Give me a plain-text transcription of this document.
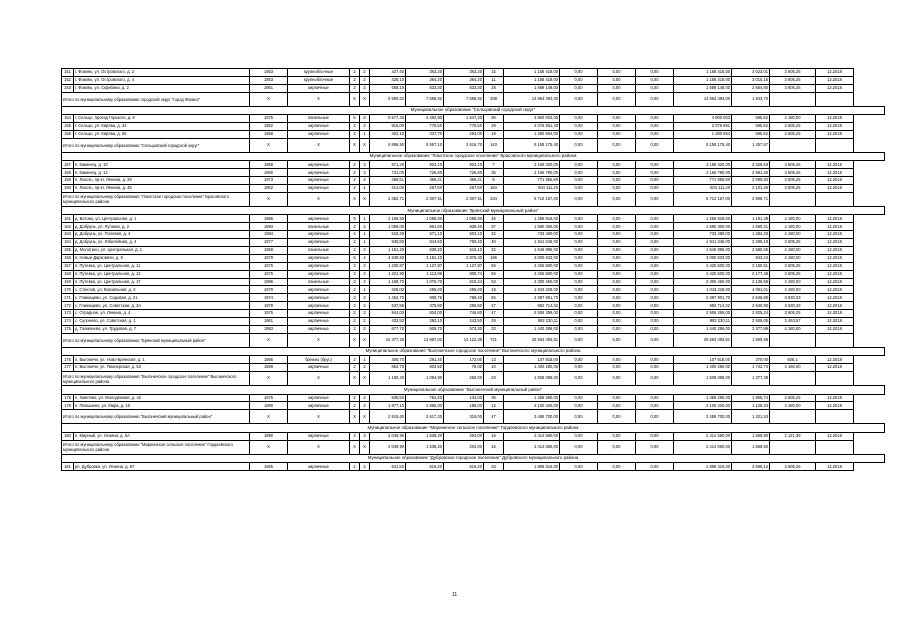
151	г. Фокино, ул. Островского, д. 2	1953	крупноблочные	2	2	427,40	363,20	363,20	15	1 158 418,00	0,00	0,00	0,00	1 158 418,00	3 023,01	3 605,25	12.2018
152	г. Фокино, ул. Островского, д. 4	1953	крупноблочные	2	2	428,10	364,20	364,20	11	1 158 418,00	0,00	0,00	0,00	1 158 418,00	3 015,15	3 605,25	12.2018
153	г. Фокино, ул. Скрибина, д. 2	1961	кирпичные	2	2	658,19	633,30	633,30	28	1 689 148,00	0,00	0,00	0,00	1 689 148,00	2 664,80	3 605,25	12.2018
Итого по муниципальному образованию городской округ "город Фокино"		X	X	X	X	6 590,62	7 698,52	7 698,52	338	14 964 394,00	0,00	0,00	0,00	14 964 394,00	1 943,70		
Муниципальное образование "Сельцовский городской округ"																	
154	г. Сельцо, проезд Горького, д. 9	1975	панельные	5	6	5 577,40	4 492,90	1 547,20	96	4 800 003,00	0,00	0,00	0,00	4 800 003	596,82	4 180,00	12.2018
155	г. Сельцо, ул. Кирова, д. 32	1952	кирпичные	2	3	916,00	776,50	776,50	29	2 076 551,40	0,00	0,00	0,00	2 076 551	596,82	3 605,25	12.2018
156	г. Сельцо, ул. Кирова, д. 55	1958	кирпичные	2	1	402,10	337,70	293,00	18	1 280 664,00	0,00	0,00	0,00	1 280 664	596,82	3 605,25	12.2018
Итого по муниципальному образованию "Сельцовский городской округ"		X	X	X	X	6 895,50	5 597,10	2 616,70	143	8 158 175,40	0,00	0,00	0,00	8 158 175,40	1 457,57		
Муниципальное образование "Локотское городское поселение" Брасовского муниципального района																	
157	п. Каменец, д. 10	1958	кирпичные	2	3	971,30	924,10	924,10	7	3 169 320,00	0,00	0,00	0,00	3 169 320,00	3 429,63	3 605,25	12.2018
158	п. Каменец, д. 12	1960	кирпичные	2	3	731,00	726,80	726,80	35	2 166 780,00	0,00	0,00	0,00	2 166 780,00	2 981,26	3 605,25	12.2018
159	п. Локоть, пр-кт. Ленина, д. 29	1973	кирпичные	2	2	465,51	369,21	369,21	8	771 955,80	0,00	0,00	0,00	771 955,80	2 090,83	3 605,25	12.2018
160	п. Локоть, пр-кт. Ленина, д. 45	1962	кирпичные	2	1	314,00	287,50	287,50	184	604 111,20	0,00	0,00	0,00	604 111,20	2 101,26	3 605,25	12.2018
Итого по муниципальному образованию "Локотское городское поселение" Брасовского муниципального района		X	X	X	X	2 482,71	2 307,61	2 307,61	234	6 712 167,00	0,00	0,00	0,00	6 712 167,00	2 908,71		
Муниципальное образование "Брянский муниципальный район"																	
161	д. Бетово, ул. Центральная, д. 1	1986	кирпичные	5	1	2 159,59	1 055,00	1 055,00	46	1 256 918,00	0,00	0,00	0,00	1 256 918,00	1 191,39	4 180,00	12.2018
162	д. Добрунь, ул. Луговая, д. 2	1993	панельные	2	2	1 058,00	961,60	938,40	37	1 580 300,00	0,00	0,00	0,00	1 580 300,00	1 680,21	4 180,00	12.2018
163	д. Добрунь, ул. Полевая, д. 4	1984	кирпичные	4	1	618,30	571,10	503,10	32	733 480,00	0,00	0,00	0,00	733 480,00	1 284,33	4 180,00	12.2018
164	д. Добрунь, ул. Юбилейная, д. 4	1977	кирпичные	2	1	940,80	844,60	793,40	40	1 941 046,00	0,00	0,00	0,00	1 941 046,00	2 298,18	3 605,25	12.2018
165	д. Молотино, ул. Центральная, д. 1	1968	панельные	2	2	1 151,20	638,20	515,10	32	1 646 996,00	0,00	0,00	0,00	1 646 996,00	2 580,65	4 180,00	12.2018
166	п. Новые Дарковичи, д. 9	1979	кирпичные	5	4	4 249,50	3 181,10	2 878,40	196	3 000 633,00	0,00	0,00	0,00	3 000 633,00	943,24	4 180,00	12.2018
167	п. Путевка, ул. Центральная, д. 11	1976	кирпичные	3	2	1 230,87	1 127,87	1 127,87	56	2 425 500,00	0,00	0,00	0,00	2 425 500,00	2 150,51	3 605,25	12.2018
168	п. Путевка, ул. Центральная, д. 12	1976	кирпичные	3	2	1 221,90	1 113,96	908,74	56	2 425 500,00	0,00	0,00	0,00	2 425 500,00	2 177,48	3 605,25	12.2018
169	п. Путевка, ул. Центральная, д. 17	1986	панельные	3	2	1 158,70	1 076,70	615,24	53	2 300 460,00	0,00	0,00	0,00	2 300 460,00	2 136,58	4 180,00	12.2018
170	с. Стеклов, ул. Вокзальная, д. 2	1970	кирпичные	2	1	326,00	255,00	255,00	18	1 043 228,00	0,00	0,00	0,00	1 043 228,00	4 091,01	4 180,00	12.2018
171	с. Глинищево, ул. Садовая, д. 21	1974	кирпичные	3	3	1 452,70	908,76	789,40	66	2 387 901,70	0,00	0,00	0,00	2 387 901,70	2 646,80	3 630,33	12.2018
172	с. Глинищево, ул. Советская, д. 3А	1979	кирпичные	2	2	537,95	375,90	286,80	27	992 714,32	0,00	0,00	0,00	992 714,32	2 640,90	3 630,33	12.2018
173	с. Отрадное, ул. Ленина, д. 4	1975	кирпичные	2	3	944,00	834,00	746,80	47	2 506 359,00	0,00	0,00	0,00	2 506 359,00	2 825,24	3 605,25	12.2018
174	с. Супонево, ул. Советская, д. 1	1961	кирпичные	2	2	432,50	392,10	243,50	28	982 230,11	0,00	0,00	0,00	982 230,11	2 505,05	3 463,57	12.2018
175	д. Толмачево, ул. Трудовая, д. 7	1983	кирпичные	2	2	677,70	605,70	573,30	33	1 440 286,00	0,00	0,00	0,00	1 440 286,00	2 377,89	4 180,00	12.2018
Итого по муниципальному образованию "Брянский муниципальный район"		X	X	X	X	16 377,26	13 987,02	12 122,38	721	26 563 493,61	0,00	0,00	0,00	26 563 493,61	1 909,58		
Муниципальное образование "Выгоничское городское поселение" Выгоничского муниципального района																	
176	п. Выгоничи, ул. Ново-Брянская, д. 1	1986	брежно (брус)	2	1	306,70	291,40	172,00	13	107 818,00	0,00	0,00	0,00	107 818,00	370,00	606,1	12.2018
177	п. Выгоничи, ул. Пионерская, д. 53	1989	кирпичные	2	2	853,70	803,50	78,00	10	1 400 280,00	0,00	0,00	0,00	1 400 280,00	1 742,73	4 180,00	12.2018
Итого по муниципальному образованию "Выгоничское городское поселение" Выгоничского муниципального района		X	X	X	X	1 160,40	1 094,90	250,00	23	1 508 098,00	0,00	0,00	0,00	1 508 098,00	1 377,38		
Муниципальное образование "Выгоничский муниципальный район"																	
178	п. Хмелево, ул. Молодежная, д. 42	1976	кирпичные	2	2	838,50	752,20	134,00	35	1 358 280,00	0,00	0,00	0,00	1 358 280,00	1 805,74	3 605,25	12.2018
179	п. Пильшино, ул. Мира, д. 10	1980	кирпичные	2	3	1 977,10	1 865,00	185,00	12	2 100 420,00	0,00	0,00	0,00	2 100 420,00	1 126,23	4 180,00	12.2018
Итого по муниципальному образованию "Выгоничский муниципальный район"		X	X	X	X	2 815,60	2 617,20	319,00	47	3 458 700,00	0,00	0,00	0,00	3 458 700,00	1 321,53		
Муниципальное образование "Мирнинское сельское поселение" Гордеевского муниципального района																	
180	п. Мирный, ул. Ленина, д. 5А	1990	кирпичные	3	3	2 049,90	1 538,20	204,00	16	2 414 660,00	0,00	0,00	0,00	2 414 660,00	1 569,80	2 121,39	12.2018
Итого по муниципальному образованию "Мирнинское сельское поселение" Гордеевского муниципального района		X	X	X	X	2 049,90	1 538,20	204,00	16	2 414 660,00	0,00	0,00	0,00	2 414 660,00	1 569,80		
Муниципальное образование "Дубровское городское поселение" Дубровского муниципального района																	
181	рп. Дубровка, ул. Ленина, д. 87	1965	кирпичные	2	2	531,50	516,20	516,20	33	1 898 316,00	0,00	0,00	0,00	1 898 316,00	3 696,12	3 605,25	12.2018
11
